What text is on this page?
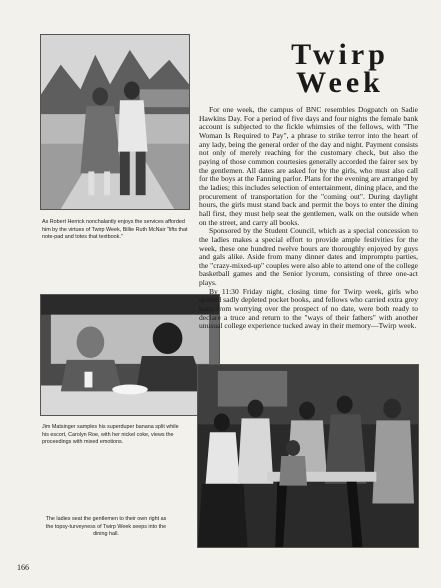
As Robert Herrick nonchalantly enjoys the services afforded him by the virtues of Twirp Week, Billie Ruth McNair "lifts that note-pad and totes that textbook."
Jim Matsinger samples his superduper banana split while his escort, Carolyn Roe, with her nickel coke, views the proceedings with mixed emotions.
The ladies seat the gentlemen to their own right as the topsy-turveyness of Twirp Week seeps into the dining hall.
Twirp
Week

For one week, the campus of BNC resembles Dogpatch on Sadie Hawkins Day. For a period of five days and four nights the female bank account is subjected to the fickle whimsies of the fellows, with "The Woman Is Required to Pay", a phrase to strike terror into the heart of any lady, being the general order of the day and night. Payment consists not only of merely reaching for the customary check, but also the paying of those common courtesies generally accorded the fairer sex by the gentlemen. All dates are asked for by the girls, who must also call for the boys at the Fanning parlor. Plans for the evening are arranged by the ladies; this includes selection of entertainment, dining place, and the procurement of transportation for the "coming out". During daylight hours, the girls must stand back and permit the boys to enter the dining hall first, they must help seat the gentlemen, walk on the outside when on the street, and carry all books.

Sponsored by the Student Council, which as a special concession to the ladies makes a special effort to provide ample festivities for the week, these one hundred twelve hours are thoroughly enjoyed by guys and gals alike. Aside from many dinner dates and impromptu parties, the "crazy-mixed-up" couples were also able to attend one of the college basketball games and the Senior lyceum, consisting of three one-act plays.

By 11:30 Friday night, closing time for Twirp week, girls who sported sadly depleted pocket books, and fellows who carried extra grey hairs from worrying over the prospect of no date, were both ready to declare a truce and return to the "ways of their fathers" with another unusual college experience tucked away in their memory—Twirp week.

166
